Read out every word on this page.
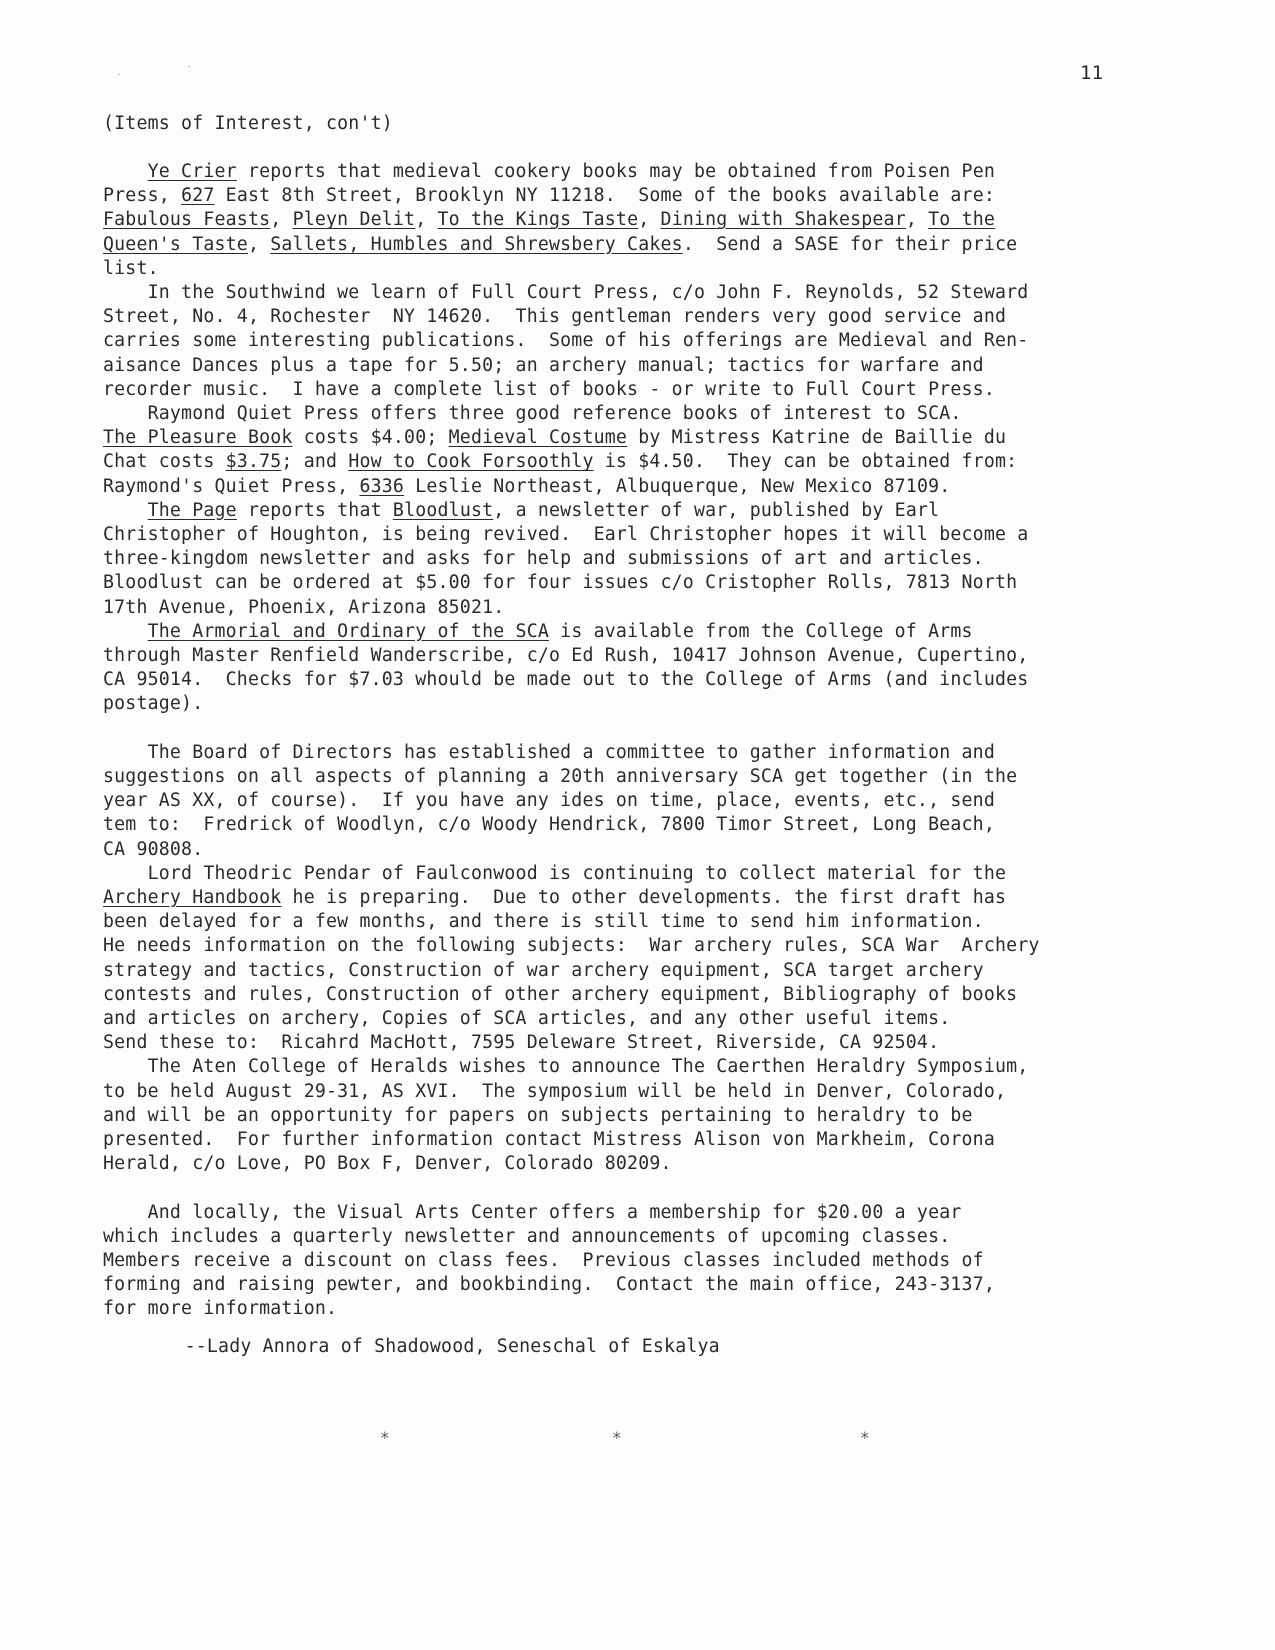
11
(Items of Interest, con't)
Ye Crier reports that medieval cookery books may be obtained from Poisen Pen
Press, 627 East 8th Street, Brooklyn NY 11218.  Some of the books available are:
Fabulous Feasts, Pleyn Delit, To the Kings Taste, Dining with Shakespear, To the
Queen's Taste, Sallets, Humbles and Shrewsbery Cakes.  Send a SASE for their price
list.
In the Southwind we learn of Full Court Press, c/o John F. Reynolds, 52 Steward
Street, No. 4, Rochester  NY 14620.  This gentleman renders very good service and
carries some interesting publications.  Some of his offerings are Medieval and Ren-
aisance Dances plus a tape for 5.50; an archery manual; tactics for warfare and
recorder music.  I have a complete list of books - or write to Full Court Press.
Raymond Quiet Press offers three good reference books of interest to SCA.
The Pleasure Book costs $4.00; Medieval Costume by Mistress Katrine de Baillie du
Chat costs $3.75; and How to Cook Forsoothly is $4.50.  They can be obtained from:
Raymond's Quiet Press, 6336 Leslie Northeast, Albuquerque, New Mexico 87109.
The Page reports that Bloodlust, a newsletter of war, published by Earl
Christopher of Houghton, is being revived.  Earl Christopher hopes it will become a
three-kingdom newsletter and asks for help and submissions of art and articles.
Bloodlust can be ordered at $5.00 for four issues c/o Cristopher Rolls, 7813 North
17th Avenue, Phoenix, Arizona 85021.
The Armorial and Ordinary of the SCA is available from the College of Arms
through Master Renfield Wanderscribe, c/o Ed Rush, 10417 Johnson Avenue, Cupertino,
CA 95014.  Checks for $7.03 whould be made out to the College of Arms (and includes
postage).
The Board of Directors has established a committee to gather information and
suggestions on all aspects of planning a 20th anniversary SCA get together (in the
year AS XX, of course).  If you have any ides on time, place, events, etc., send
tem to:  Fredrick of Woodlyn, c/o Woody Hendrick, 7800 Timor Street, Long Beach,
CA 90808.
Lord Theodric Pendar of Faulconwood is continuing to collect material for the
Archery Handbook he is preparing.  Due to other developments. the first draft has
been delayed for a few months, and there is still time to send him information.
He needs information on the following subjects:  War archery rules, SCA War  Archery
strategy and tactics, Construction of war archery equipment, SCA target archery
contests and rules, Construction of other archery equipment, Bibliography of books
and articles on archery, Copies of SCA articles, and any other useful items.
Send these to:  Ricahrd MacHott, 7595 Deleware Street, Riverside, CA 92504.
The Aten College of Heralds wishes to announce The Caerthen Heraldry Symposium,
to be held August 29-31, AS XVI.  The symposium will be held in Denver, Colorado,
and will be an opportunity for papers on subjects pertaining to heraldry to be
presented.  For further information contact Mistress Alison von Markheim, Corona
Herald, c/o Love, PO Box F, Denver, Colorado 80209.
And locally, the Visual Arts Center offers a membership for $20.00 a year
which includes a quarterly newsletter and announcements of upcoming classes.
Members receive a discount on class fees.  Previous classes included methods of
forming and raising pewter, and bookbinding.  Contact the main office, 243-3137,
for more information.
--Lady Annora of Shadowood, Seneschal of Eskalya
*	*	*
